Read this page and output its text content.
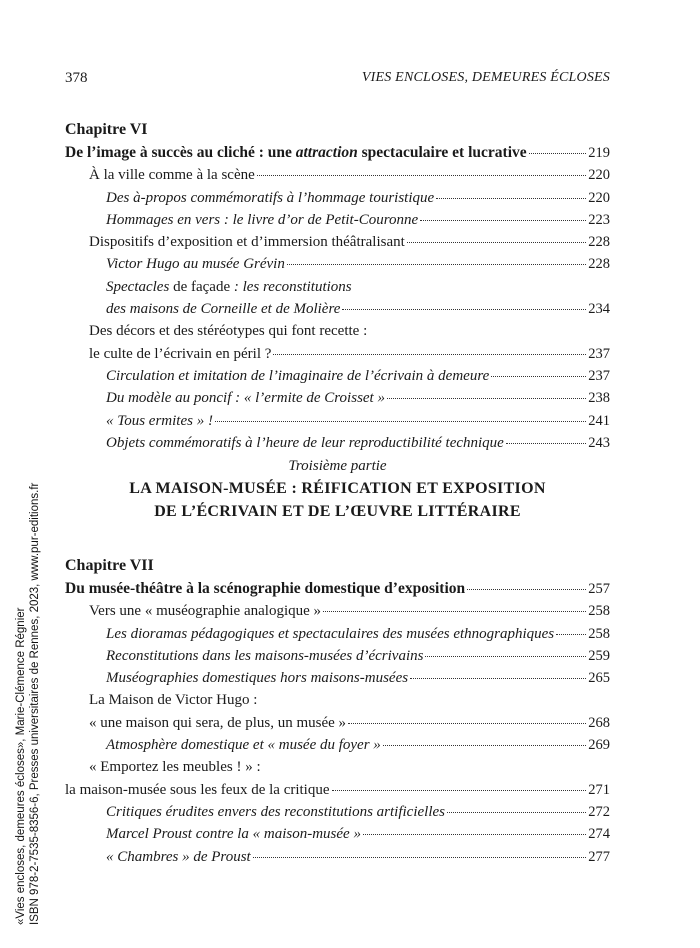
378	VIES ENCLOSES, DEMEURES ÉCLOSES
Chapitre VI
De l’image à succès au cliché : une attraction spectaculaire et lucrative	219
À la ville comme à la scène	220
Des à-propos commémoratifs à l’hommage touristique	220
Hommages en vers : le livre d’or de Petit-Couronne	223
Dispositifs d’exposition et d’immersion théâtralisant	228
Victor Hugo au musée Grévin	228
Spectacles de façade : les reconstitutions
des maisons de Corneille et de Molière	234
Des décors et des stéréotypes qui font recette :
le culte de l’écrivain en péril ?	237
Circulation et imitation de l’imaginaire de l’écrivain à demeure	237
Du modèle au poncif : « l’ermite de Croisset »	238
« Tous ermites » !	241
Objets commémoratifs à l’heure de leur reproductibilité technique	243
Troisième partie
LA MAISON-MUSÉE : RÉIFICATION ET EXPOSITION
DE L’ÉCRIVAIN ET DE L’ŒUVRE LITTÉRAIRE
Chapitre VII
Du musée-théâtre à la scénographie domestique d’exposition	257
Vers une « muséographie analogique »	258
Les dioramas pédagogiques et spectaculaires des musées ethnographiques 258
Reconstitutions dans les maisons-musées d’écrivains	259
Muséographies domestiques hors maisons-musées	265
La Maison de Victor Hugo :
« une maison qui sera, de plus, un musée »	268
Atmosphère domestique et « musée du foyer »	269
« Emportez les meubles ! » :
la maison-musée sous les feux de la critique	271
Critiques érudites envers des reconstitutions artificielles	272
Marcel Proust contre la « maison-musée »	274
« Chambres » de Proust	277
«Vies encloses, demeures écloses», Marie-Clémence Régnier ISBN 978-2-7535-8356-6, Presses universitaires de Rennes, 2023, www.pur-editions.fr
